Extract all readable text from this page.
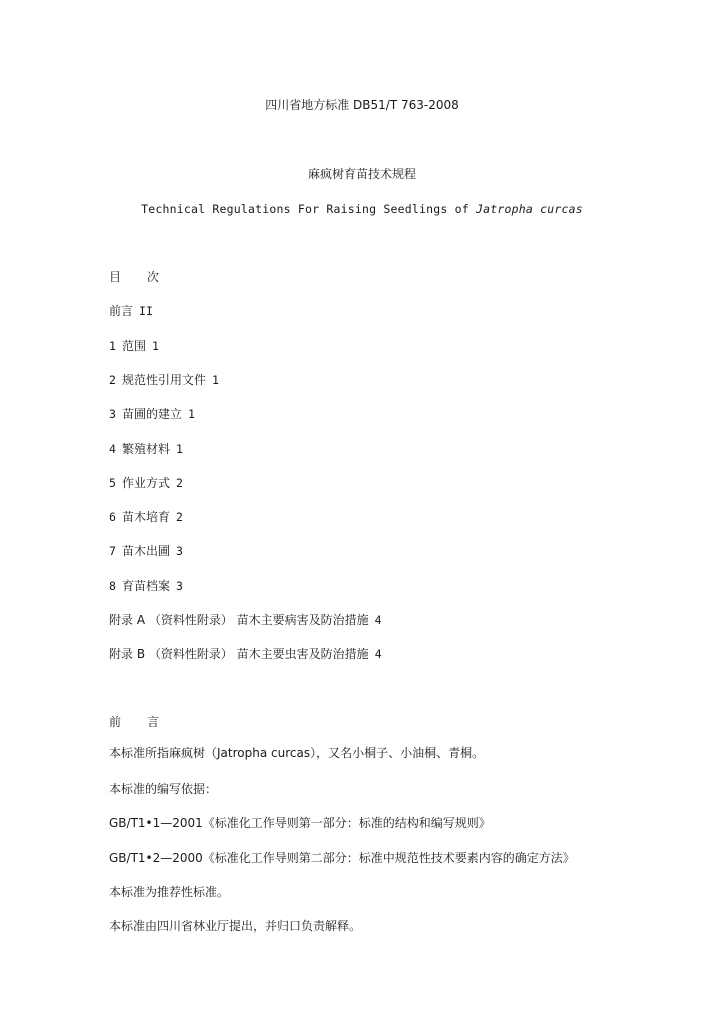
四川省地方标准 DB51/T 763-2008
麻疯树育苗技术规程
Technical Regulations For Raising Seedlings of Jatropha curcas
目次
前言 II
1 范围 1
2 规范性引用文件 1
3 苗圃的建立 1
4 繁殖材料 1
5 作业方式 2
6 苗木培育 2
7 苗木出圃 3
8 育苗档案 3
附录 A （资料性附录） 苗木主要病害及防治措施 4
附录 B （资料性附录） 苗木主要虫害及防治措施 4
前言
本标准所指麻疯树（Jatropha curcas），又名小桐子、小油桐、青桐。
本标准的编写依据：
GB/T1•1—2001《标准化工作导则第一部分：标准的结构和编写规则》
GB/T1•2—2000《标准化工作导则第二部分：标准中规范性技术要素内容的确定方法》
本标准为推荐性标准。
本标准由四川省林业厅提出，并归口负责解释。
